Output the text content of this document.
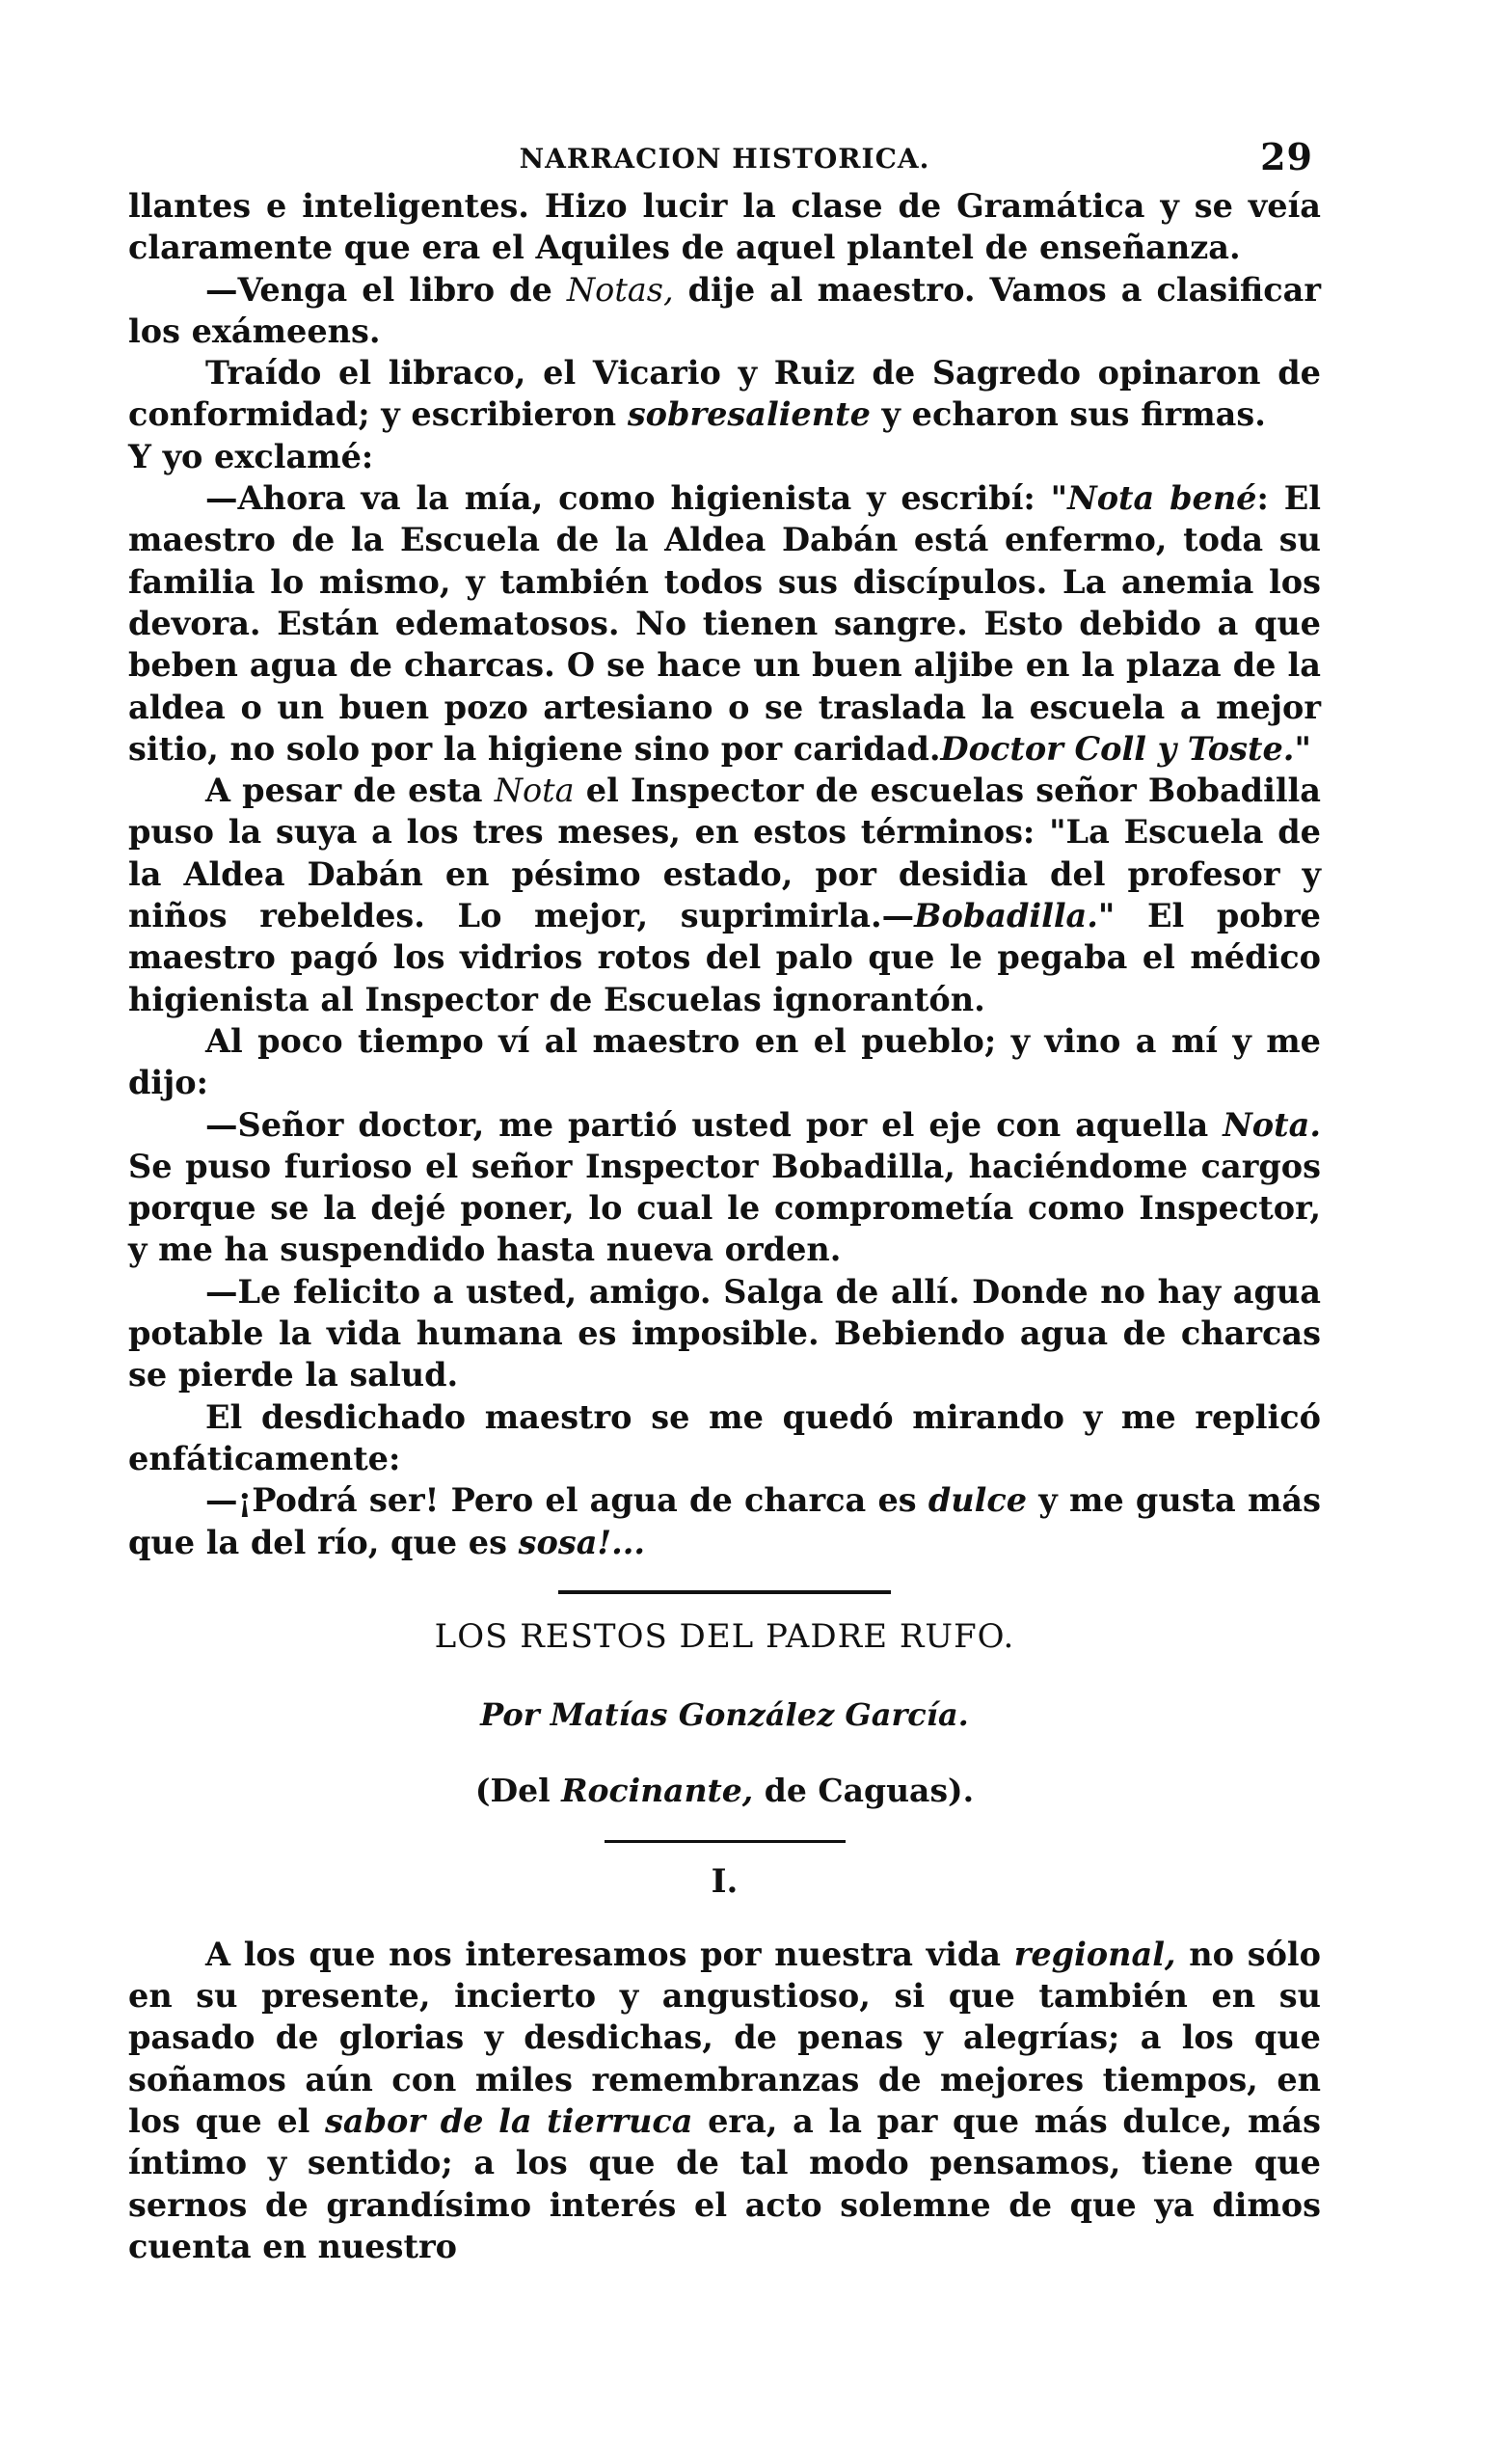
NARRACION HISTORICA.	29

llantes e inteligentes. Hizo lucir la clase de Gramática y se veía claramente que era el Aquiles de aquel plantel de enseñanza.

—Venga el libro de Notas, dije al maestro. Vamos a clasificar los exámeens.

Traído el libraco, el Vicario y Ruiz de Sagredo opinaron de conformidad; y escribieron sobresaliente y echaron sus firmas.

Y yo exclamé:

—Ahora va la mía, como higienista y escribí: "Nota bené: El maestro de la Escuela de la Aldea Dabán está enfermo, toda su familia lo mismo, y también todos sus discípulos. La anemia los devora. Están edematosos. No tienen sangre. Esto debido a que beben agua de charcas. O se hace un buen aljibe en la plaza de la aldea o un buen pozo artesiano o se traslada la escuela a mejor sitio, no solo por la higiene sino por caridad.Doctor Coll y Toste."

A pesar de esta Nota el Inspector de escuelas señor Bobadilla puso la suya a los tres meses, en estos términos: "La Escuela de la Aldea Dabán en pésimo estado, por desidia del profesor y niños rebeldes. Lo mejor, suprimirla.—Bobadilla." El pobre maestro pagó los vidrios rotos del palo que le pegaba el médico higienista al Inspector de Escuelas ignorantón.

Al poco tiempo ví al maestro en el pueblo; y vino a mí y me dijo:

—Señor doctor, me partió usted por el eje con aquella Nota. Se puso furioso el señor Inspector Bobadilla, haciéndome cargos porque se la dejé poner, lo cual le comprometía como Inspector, y me ha suspendido hasta nueva orden.

—Le felicito a usted, amigo. Salga de allí. Donde no hay agua potable la vida humana es imposible. Bebiendo agua de charcas se pierde la salud.

El desdichado maestro se me quedó mirando y me replicó enfáticamente:

—¡Podrá ser! Pero el agua de charca es dulce y me gusta más que la del río, que es sosa!...

LOS RESTOS DEL PADRE RUFO.
Por Matías González García.
(Del Rocinante, de Caguas).
I.

A los que nos interesamos por nuestra vida regional, no sólo en su presente, incierto y angustioso, si que también en su pasado de glorias y desdichas, de penas y alegrías; a los que soñamos aún con miles remembranzas de mejores tiempos, en los que el sabor de la tierruca era, a la par que más dulce, más íntimo y sentido; a los que de tal modo pensamos, tiene que sernos de grandísimo interés el acto solemne de que ya dimos cuenta en nuestro
